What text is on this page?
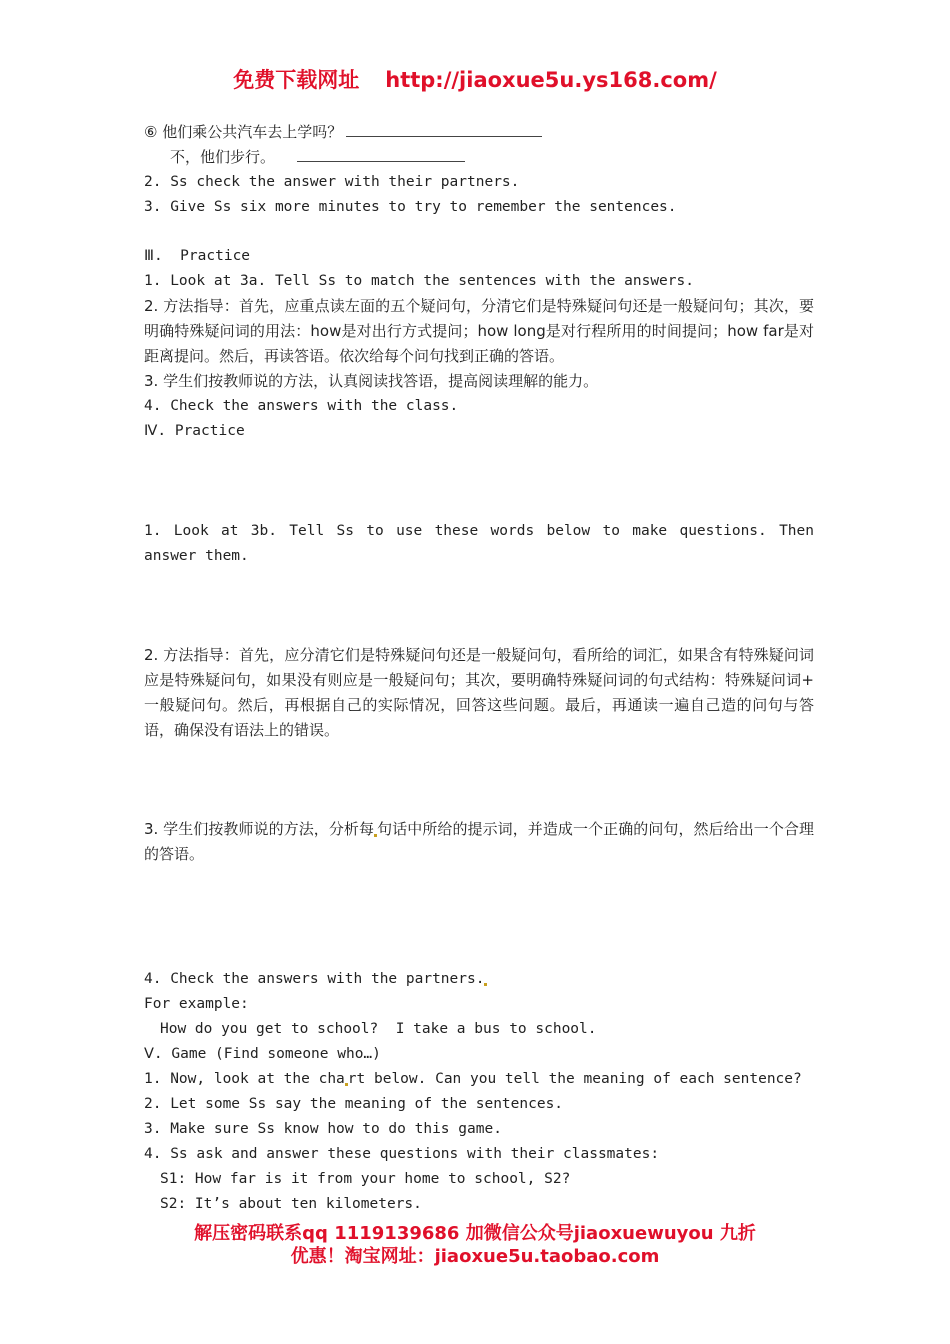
免费下载网址 http://jiaoxue5u.ys168.com/
⑥ 他们乘公共汽车去上学吗？
不，他们步行。
2. Ss check the answer with their partners.
3. Give Ss six more minutes to try to remember the sentences.
Ⅲ.  Practice
1. Look at 3a. Tell Ss to match the sentences with the answers.
2. 方法指导：首先，应重点读左面的五个疑问句，分清它们是特殊疑问句还是一般疑问句；其次，要明确特殊疑问词的用法：how是对出行方式提问；how long是对行程所用的时间提问；how far是对距离提问。然后，再读答语。依次给每个问句找到正确的答语。
3. 学生们按教师说的方法，认真阅读找答语，提高阅读理解的能力。
4. Check the answers with the class.
Ⅳ. Practice
1. Look at 3b. Tell Ss to use these words below to make questions. Then answer them.
2. 方法指导：首先，应分清它们是特殊疑问句还是一般疑问句，看所给的词汇，如果含有特殊疑问词应是特殊疑问句，如果没有则应是一般疑问句；其次，要明确特殊疑问词的句式结构：特殊疑问词+ 一般疑问句。然后，再根据自己的实际情况，回答这些问题。最后，再通读一遍自己造的问句与答语，确保没有语法上的错误。
3. 学生们按教师说的方法，分析每 句话中所给的提示词，并造成一个正确的问句，然后给出一个合理的答语。
4. Check the answers with the partners.
For example:
How do you get to school?  I take a bus to school.
Ⅴ. Game (Find someone who…)
1. Now, look at the cha rt below. Can you tell the meaning of each sentence?
2. Let some Ss say the meaning of the sentences.
3. Make sure Ss know how to do this game.
4. Ss ask and answer these questions with their classmates:
S1: How far is it from your home to school, S2?
S2: It’s about ten kilometers.
解压密码联系qq 1119139686 加微信公众号jiaoxuewuyou 九折
优惠！淘宝网址：jiaoxue5u.taobao.com
